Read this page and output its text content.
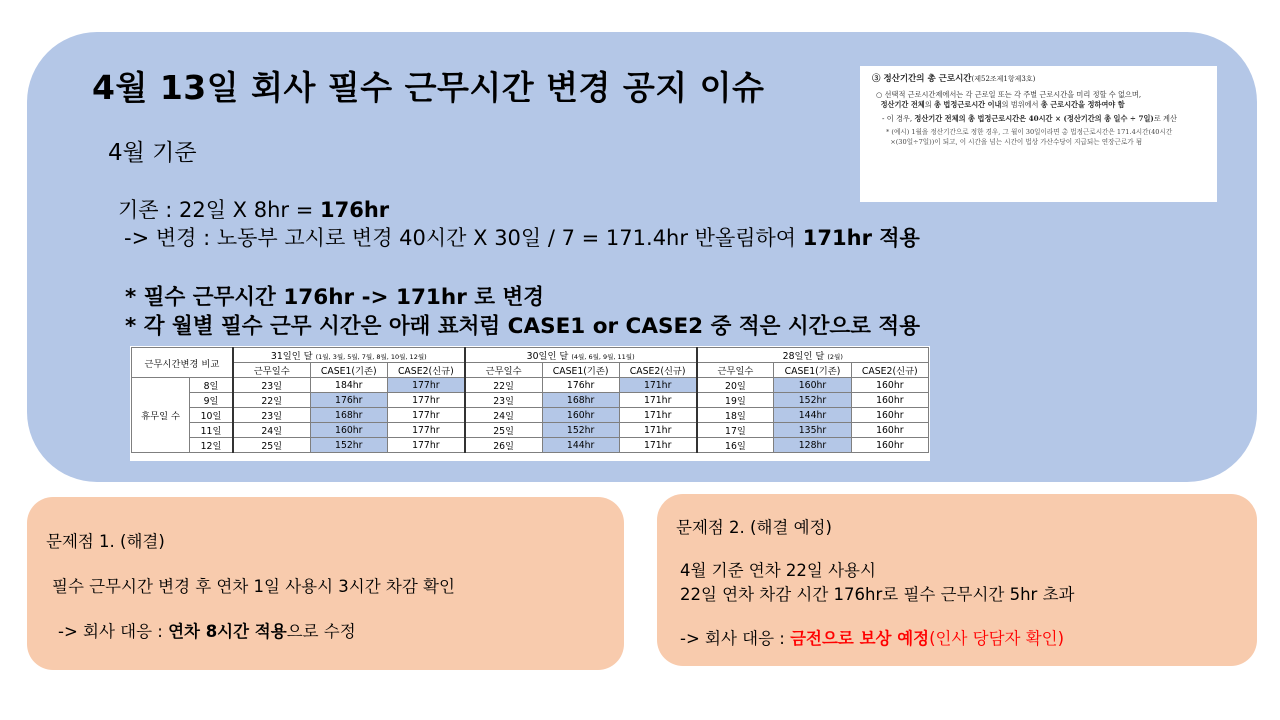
4월 13일 회사 필수 근무시간 변경 공지 이슈
4월 기준
기존 : 22일 X 8hr = 176hr
-> 변경 : 노동부 고시로 변경 40시간 X 30일 / 7 = 171.4hr 반올림하여 171hr 적용
* 필수 근무시간 176hr -> 171hr 로 변경
* 각 월별 필수 근무 시간은 아래 표처럼 CASE1 or CASE2 중 적은 시간으로 적용
③ 정산기간의 총 근로시간(제52조제1항제3호)
○ 선택적 근로시간제에서는 각 근로일 또는 각 주별 근로시간을 미리 정할 수 없으며,
정산기간 전체의 총 법정근로시간 이내의 범위에서 총 근로시간을 정하여야 함
- 이 경우, 정산기간 전체의 총 법정근로시간은 40시간 × (정산기간의 총 일수 ÷ 7일)로 계산
* (예시) 1월을 정산기간으로 정한 경우, 그 월이 30일이라면 총 법정근로시간은 171.4시간(40시간
×(30일÷7일))이 되고, 이 시간을 넘는 시간이 법상 가산수당이 지급되는 연장근로가 됨
근무시간변경 비교		31일인 달 (1월, 3월, 5월, 7월, 8월, 10월, 12월)			30일인 달 (4월, 6월, 9월, 11월)			28일인 달 (2월)		
		근무일수	CASE1(기존)	CASE2(신규)	근무일수	CASE1(기존)	CASE2(신규)	근무일수	CASE1(기존)	CASE2(신규)
휴무일 수	8일	23일	184hr	177hr	22일	176hr	171hr	20일	160hr	160hr
	9일	22일	176hr	177hr	23일	168hr	171hr	19일	152hr	160hr
	10일	23일	168hr	177hr	24일	160hr	171hr	18일	144hr	160hr
	11일	24일	160hr	177hr	25일	152hr	171hr	17일	135hr	160hr
	12일	25일	152hr	177hr	26일	144hr	171hr	16일	128hr	160hr
문제점 1. (해결)
필수 근무시간 변경 후 연차 1일 사용시 3시간 차감 확인
-> 회사 대응 : 연차 8시간 적용으로 수정
문제점 2. (해결 예정)
4월 기준 연차 22일 사용시
22일 연차 차감 시간 176hr로 필수 근무시간 5hr 초과
-> 회사 대응 : 금전으로 보상 예정(인사 당담자 확인)
